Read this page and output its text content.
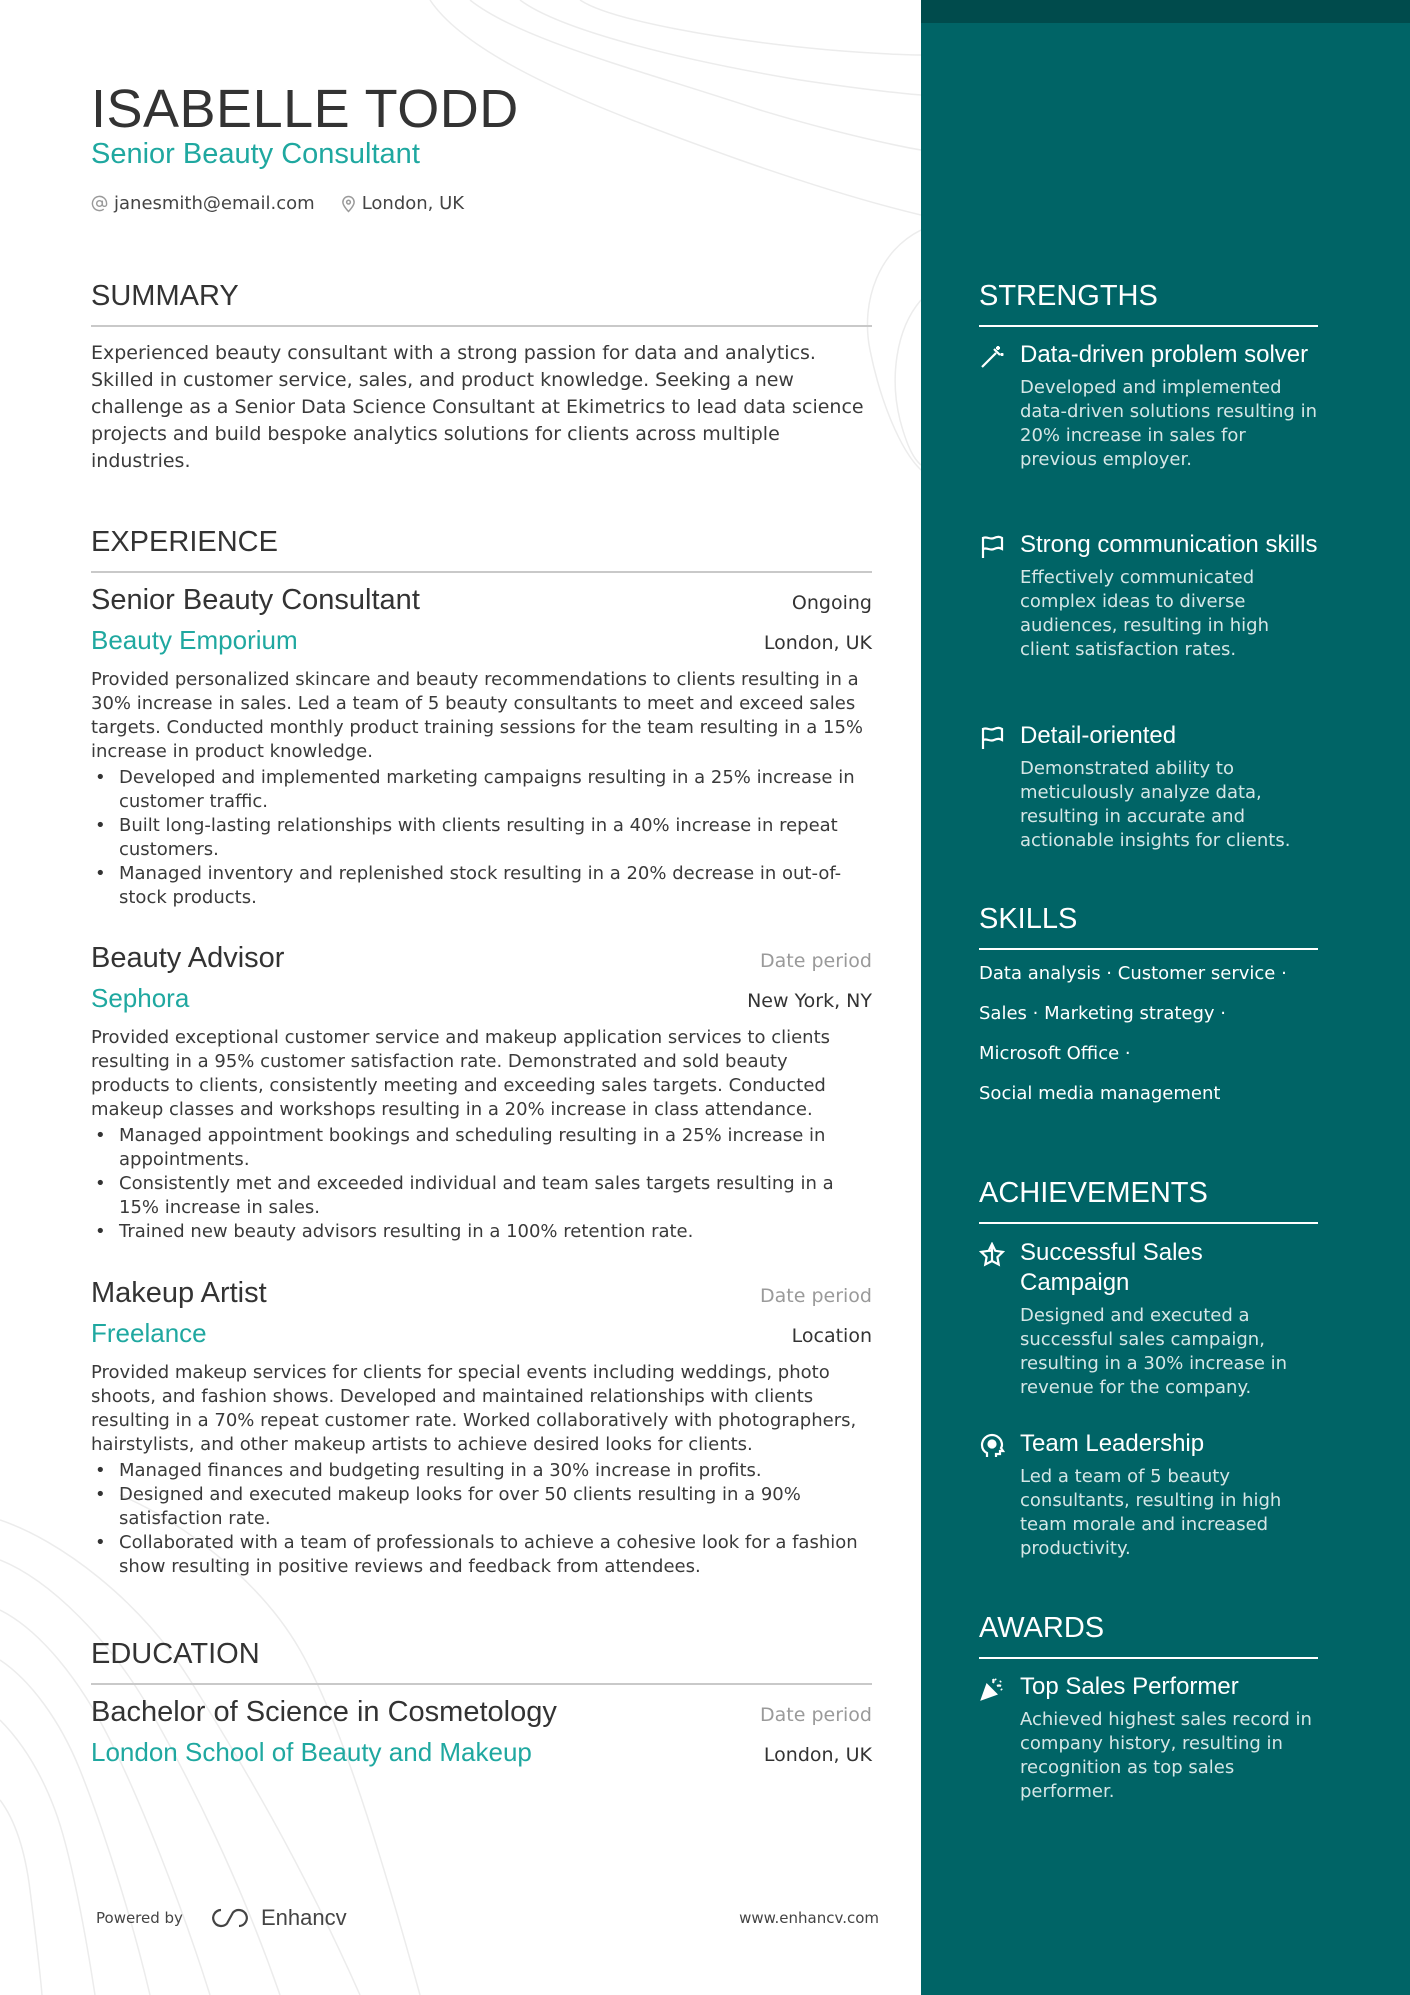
ISABELLE TODD
Senior Beauty Consultant
janesmith@email.com	London, UK
SUMMARY
Experienced beauty consultant with a strong passion for data and analytics. Skilled in customer service, sales, and product knowledge. Seeking a new challenge as a Senior Data Science Consultant at Ekimetrics to lead data science projects and build bespoke analytics solutions for clients across multiple industries.
EXPERIENCE
Senior Beauty Consultant	Ongoing
Beauty Emporium	London, UK
Provided personalized skincare and beauty recommendations to clients resulting in a 30% increase in sales. Led a team of 5 beauty consultants to meet and exceed sales targets. Conducted monthly product training sessions for the team resulting in a 15% increase in product knowledge.
• Developed and implemented marketing campaigns resulting in a 25% increase in customer traffic.
• Built long-lasting relationships with clients resulting in a 40% increase in repeat customers.
• Managed inventory and replenished stock resulting in a 20% decrease in out-of-stock products.
Beauty Advisor	Date period
Sephora	New York, NY
Provided exceptional customer service and makeup application services to clients resulting in a 95% customer satisfaction rate. Demonstrated and sold beauty products to clients, consistently meeting and exceeding sales targets. Conducted makeup classes and workshops resulting in a 20% increase in class attendance.
• Managed appointment bookings and scheduling resulting in a 25% increase in appointments.
• Consistently met and exceeded individual and team sales targets resulting in a 15% increase in sales.
• Trained new beauty advisors resulting in a 100% retention rate.
Makeup Artist	Date period
Freelance	Location
Provided makeup services for clients for special events including weddings, photo shoots, and fashion shows. Developed and maintained relationships with clients resulting in a 70% repeat customer rate. Worked collaboratively with photographers, hairstylists, and other makeup artists to achieve desired looks for clients.
• Managed finances and budgeting resulting in a 30% increase in profits.
• Designed and executed makeup looks for over 50 clients resulting in a 90% satisfaction rate.
• Collaborated with a team of professionals to achieve a cohesive look for a fashion show resulting in positive reviews and feedback from attendees.
EDUCATION
Bachelor of Science in Cosmetology	Date period
London School of Beauty and Makeup	London, UK
Powered by	Enhancv	www.enhancv.com
STRENGTHS
Data-driven problem solver
Developed and implemented data-driven solutions resulting in 20% increase in sales for previous employer.
Strong communication skills
Effectively communicated complex ideas to diverse audiences, resulting in high client satisfaction rates.
Detail-oriented
Demonstrated ability to meticulously analyze data, resulting in accurate and actionable insights for clients.
SKILLS
Data analysis · Customer service ·
Sales · Marketing strategy ·
Microsoft Office ·
Social media management
ACHIEVEMENTS
Successful Sales Campaign
Designed and executed a successful sales campaign, resulting in a 30% increase in revenue for the company.
Team Leadership
Led a team of 5 beauty consultants, resulting in high team morale and increased productivity.
AWARDS
Top Sales Performer
Achieved highest sales record in company history, resulting in recognition as top sales performer.
